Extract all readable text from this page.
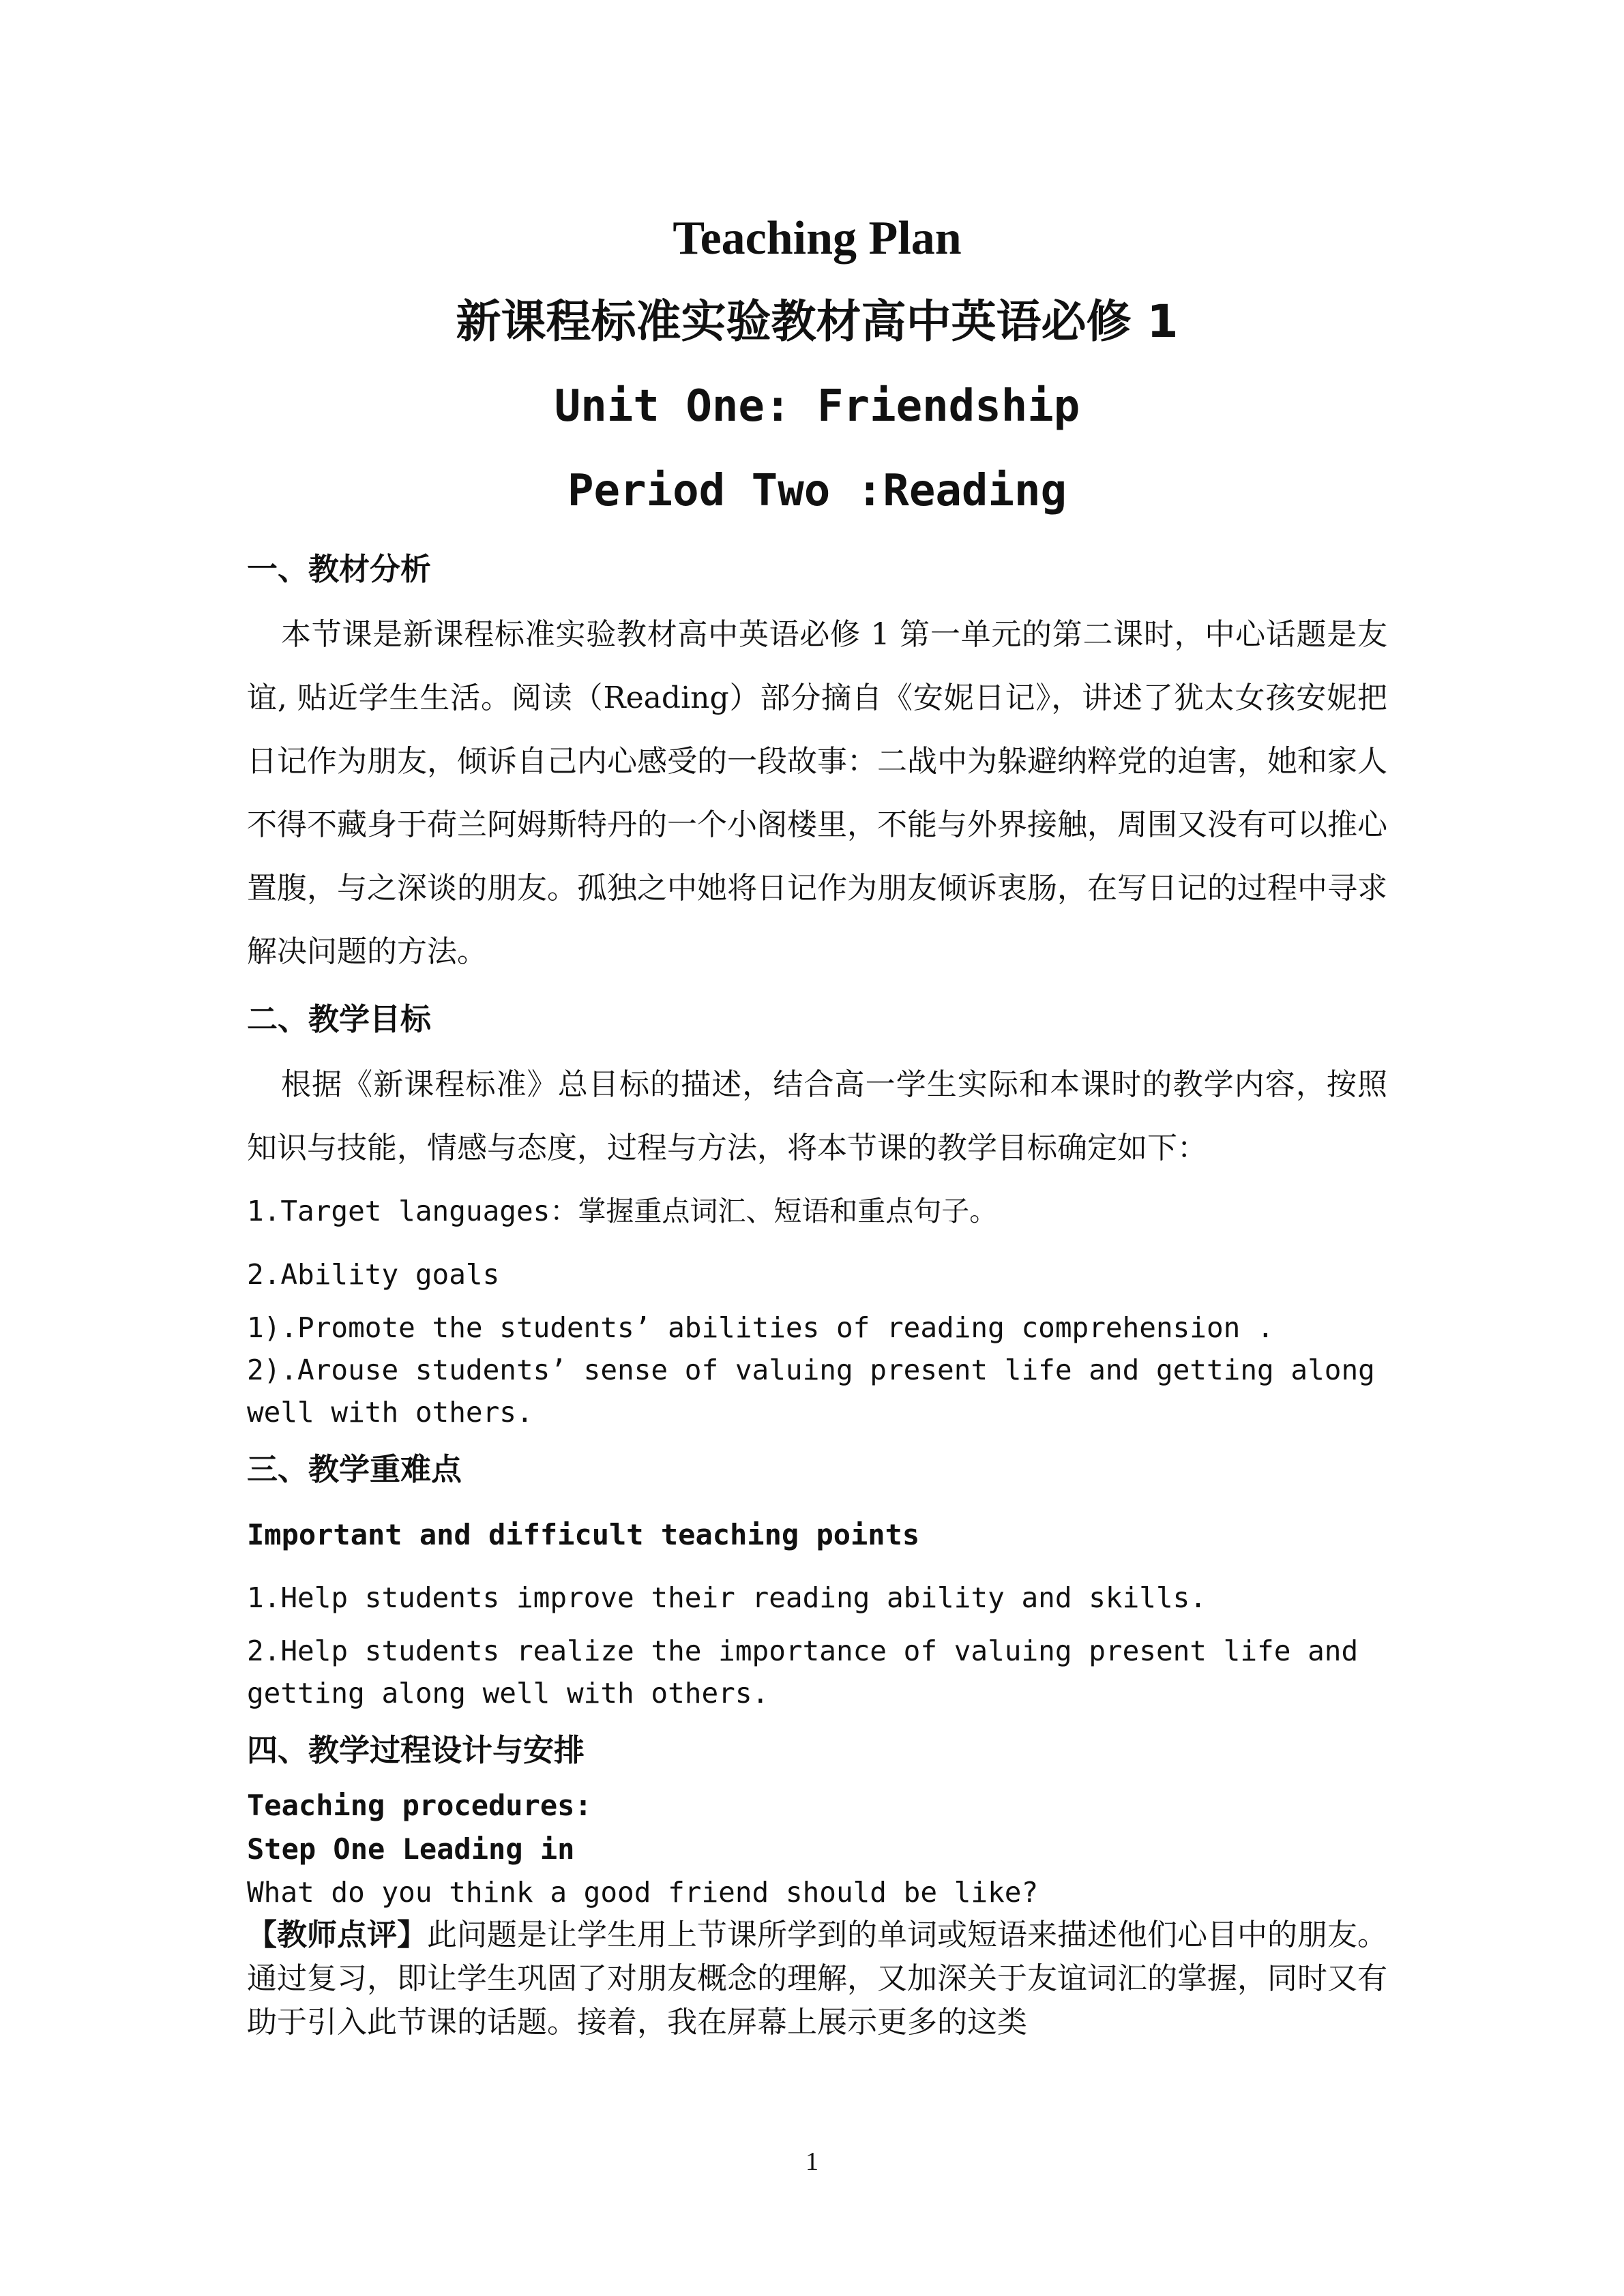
Teaching Plan
新课程标准实验教材高中英语必修 1
Unit One: Friendship
Period Two :Reading
一、教材分析

本节课是新课程标准实验教材高中英语必修 1 第一单元的第二课时，中心话题是友谊, 贴近学生生活。阅读（Reading）部分摘自《安妮日记》，讲述了犹太女孩安妮把日记作为朋友，倾诉自己内心感受的一段故事：二战中为躲避纳粹党的迫害，她和家人不得不藏身于荷兰阿姆斯特丹的一个小阁楼里，不能与外界接触，周围又没有可以推心置腹，与之深谈的朋友。孤独之中她将日记作为朋友倾诉衷肠，在写日记的过程中寻求解决问题的方法。

二、教学目标

根据《新课程标准》总目标的描述，结合高一学生实际和本课时的教学内容，按照知识与技能，情感与态度，过程与方法，将本节课的教学目标确定如下：

1.Target languages：掌握重点词汇、短语和重点句子。

2.Ability goals

1).Promote the students’ abilities of reading comprehension .

2).Arouse students’ sense of valuing present life and getting along well with others.

三、教学重难点

Important and difficult teaching points

1.Help students improve their reading ability and skills.

2.Help students realize the importance of valuing present life and getting along well with others.

四、教学过程设计与安排

Teaching procedures:

Step One Leading in

What do you think a good friend should be like?

【教师点评】此问题是让学生用上节课所学到的单词或短语来描述他们心目中的朋友。通过复习，即让学生巩固了对朋友概念的理解，又加深关于友谊词汇的掌握，同时又有助于引入此节课的话题。接着，我在屏幕上展示更多的这类

1
